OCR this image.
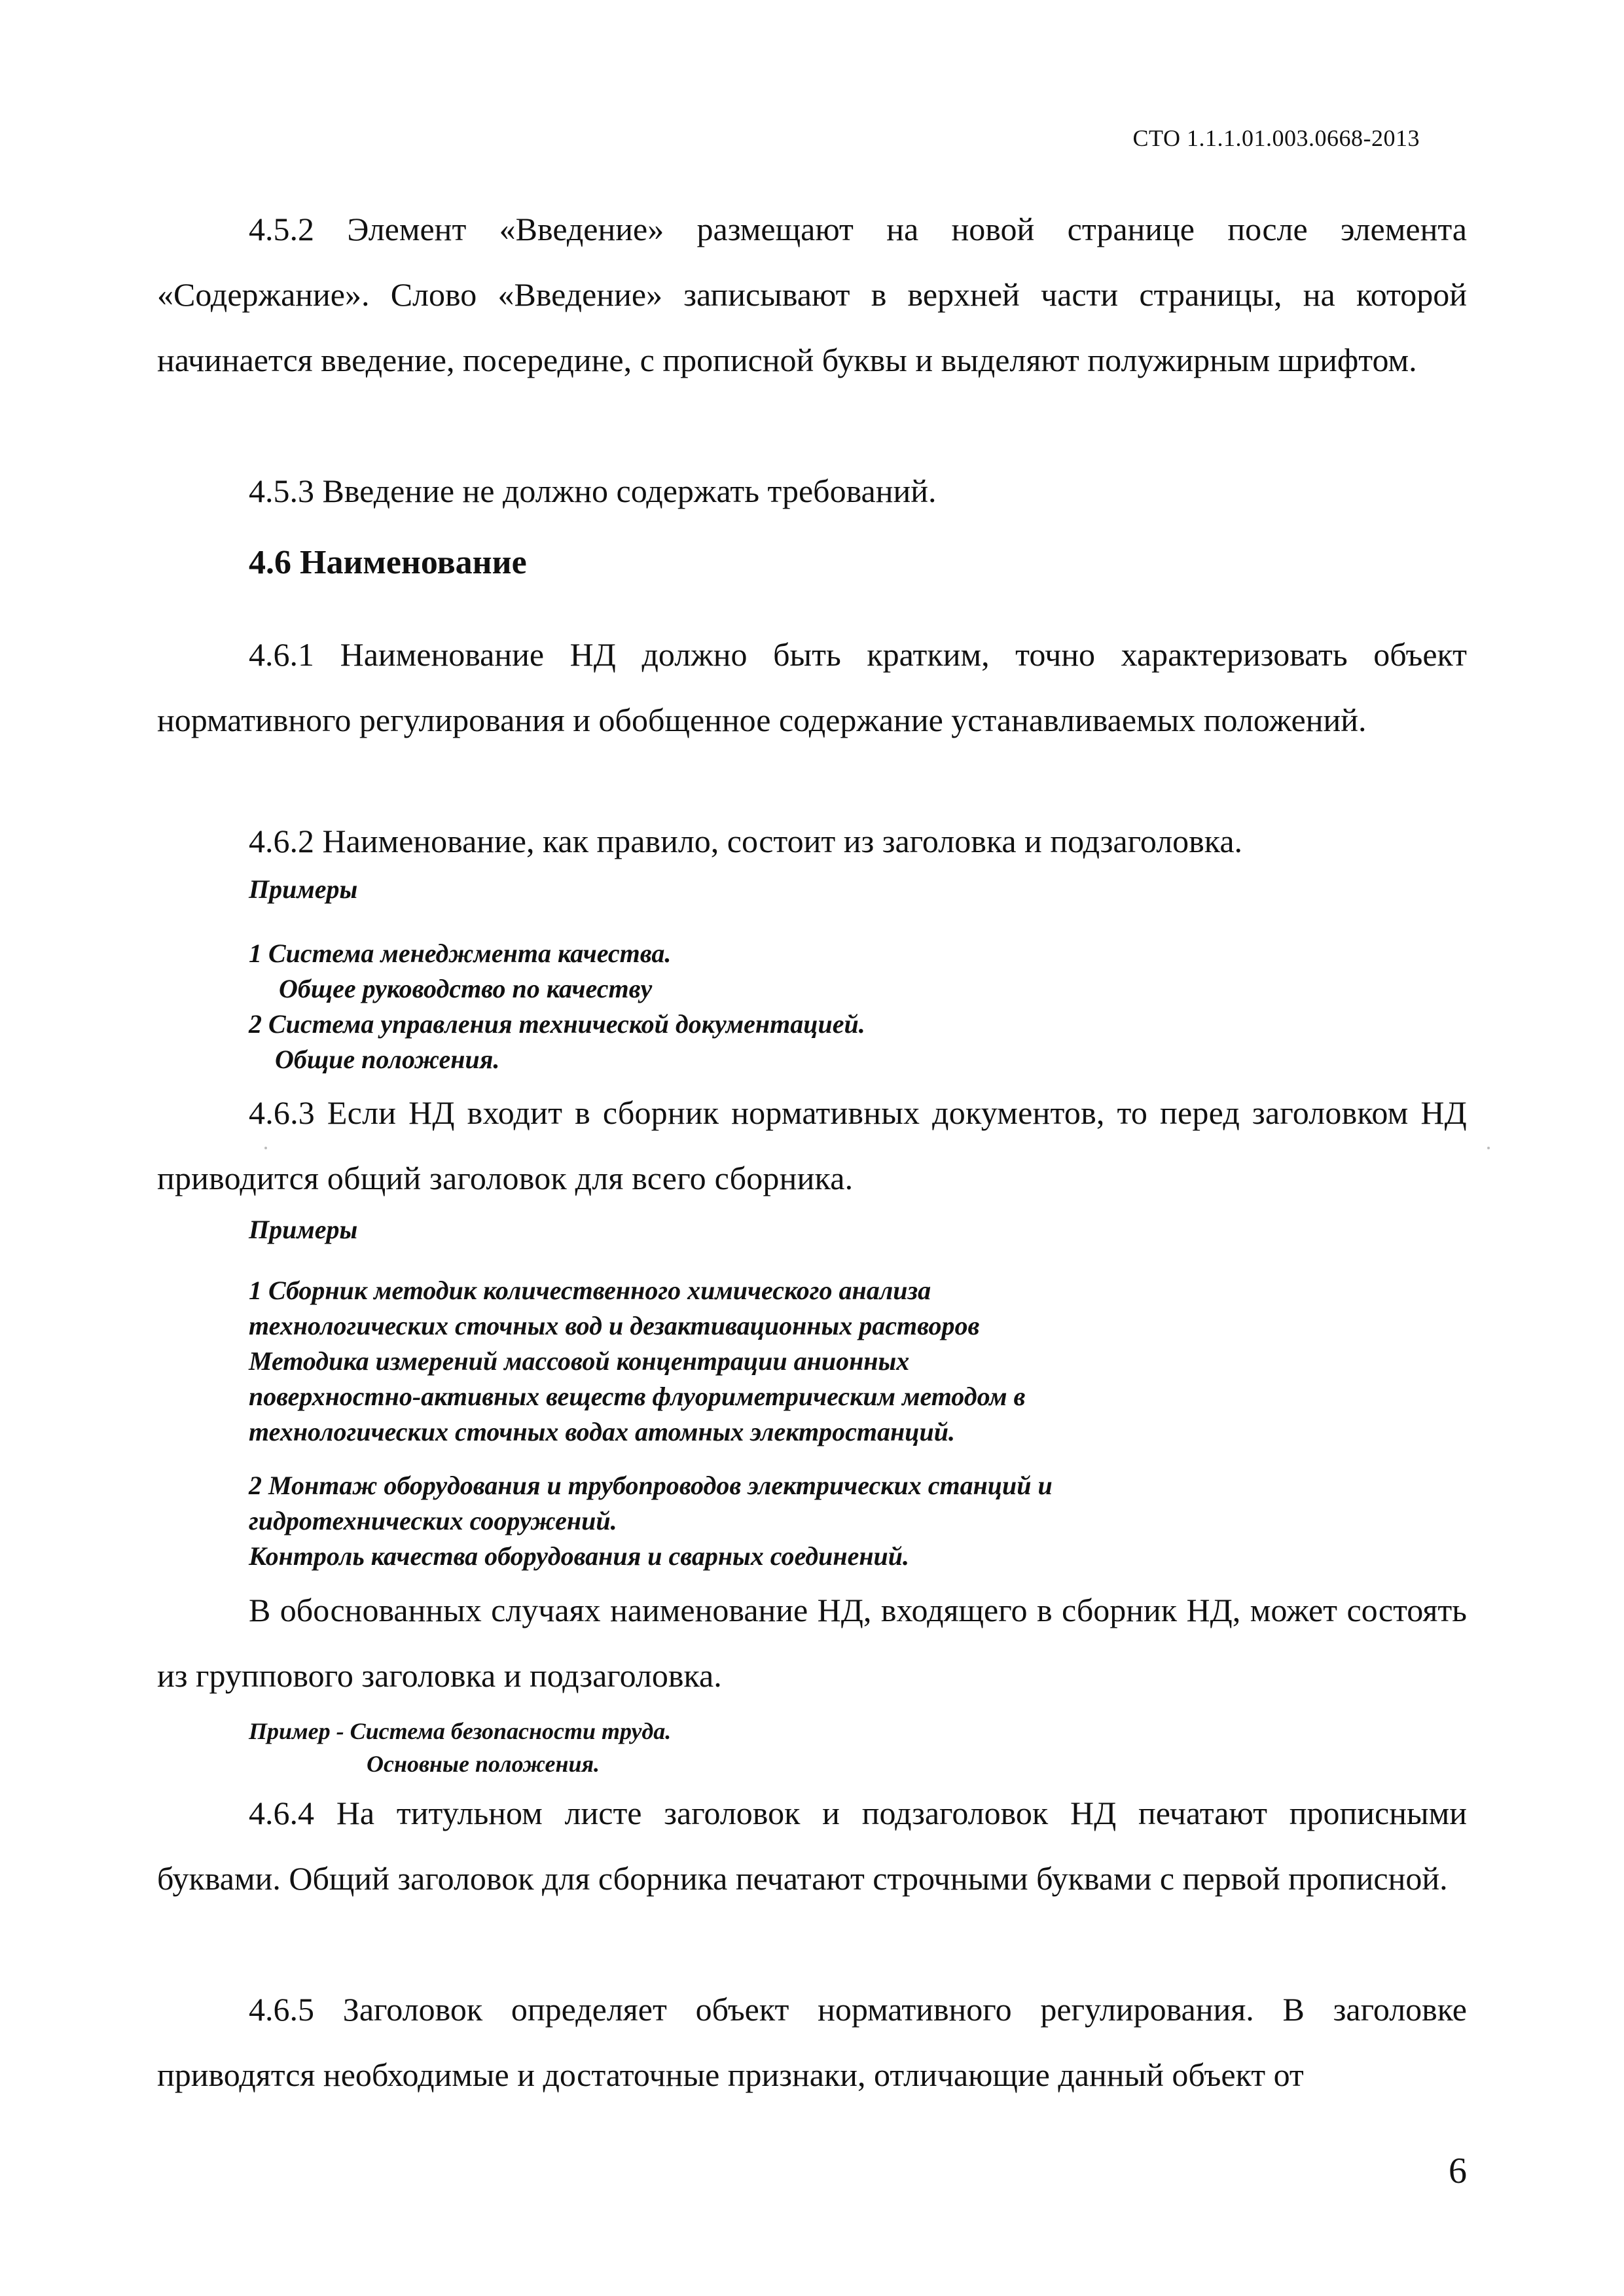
СТО 1.1.1.01.003.0668-2013
4.5.2 Элемент «Введение» размещают на новой странице после элемента «Содержание». Слово «Введение» записывают в верхней части страницы, на которой начинается введение, посередине, с прописной буквы и выделяют полужирным шрифтом.
4.5.3 Введение не должно содержать требований.
4.6 Наименование
4.6.1 Наименование НД должно быть кратким, точно характеризовать объект нормативного регулирования и обобщенное содержание устанавливаемых положений.
4.6.2 Наименование, как правило, состоит из заголовка и подзаголовка.
Примеры
1 Система менеджмента качества.
Общее руководство по качеству
2 Система управления технической документацией.
Общие положения.
4.6.3 Если НД входит в сборник нормативных документов, то перед заголовком НД приводится общий заголовок для всего сборника.
Примеры
1 Сборник методик количественного химического анализа
технологических сточных вод и дезактивационных растворов
Методика измерений массовой концентрации анионных
поверхностно-активных веществ флуориметрическим методом в
технологических сточных водах атомных электростанций.
2 Монтаж оборудования и трубопроводов электрических станций и
гидротехнических сооружений.
Контроль качества оборудования и сварных соединений.
В обоснованных случаях наименование НД, входящего в сборник НД, может состоять из группового заголовка и подзаголовка.
Пример - Система безопасности труда.
Основные положения.
4.6.4 На титульном листе заголовок и подзаголовок НД печатают прописными буквами. Общий заголовок для сборника печатают строчными буквами с первой прописной.
4.6.5 Заголовок определяет объект нормативного регулирования. В заголовке приводятся необходимые и достаточные признаки, отличающие данный объект от
6
